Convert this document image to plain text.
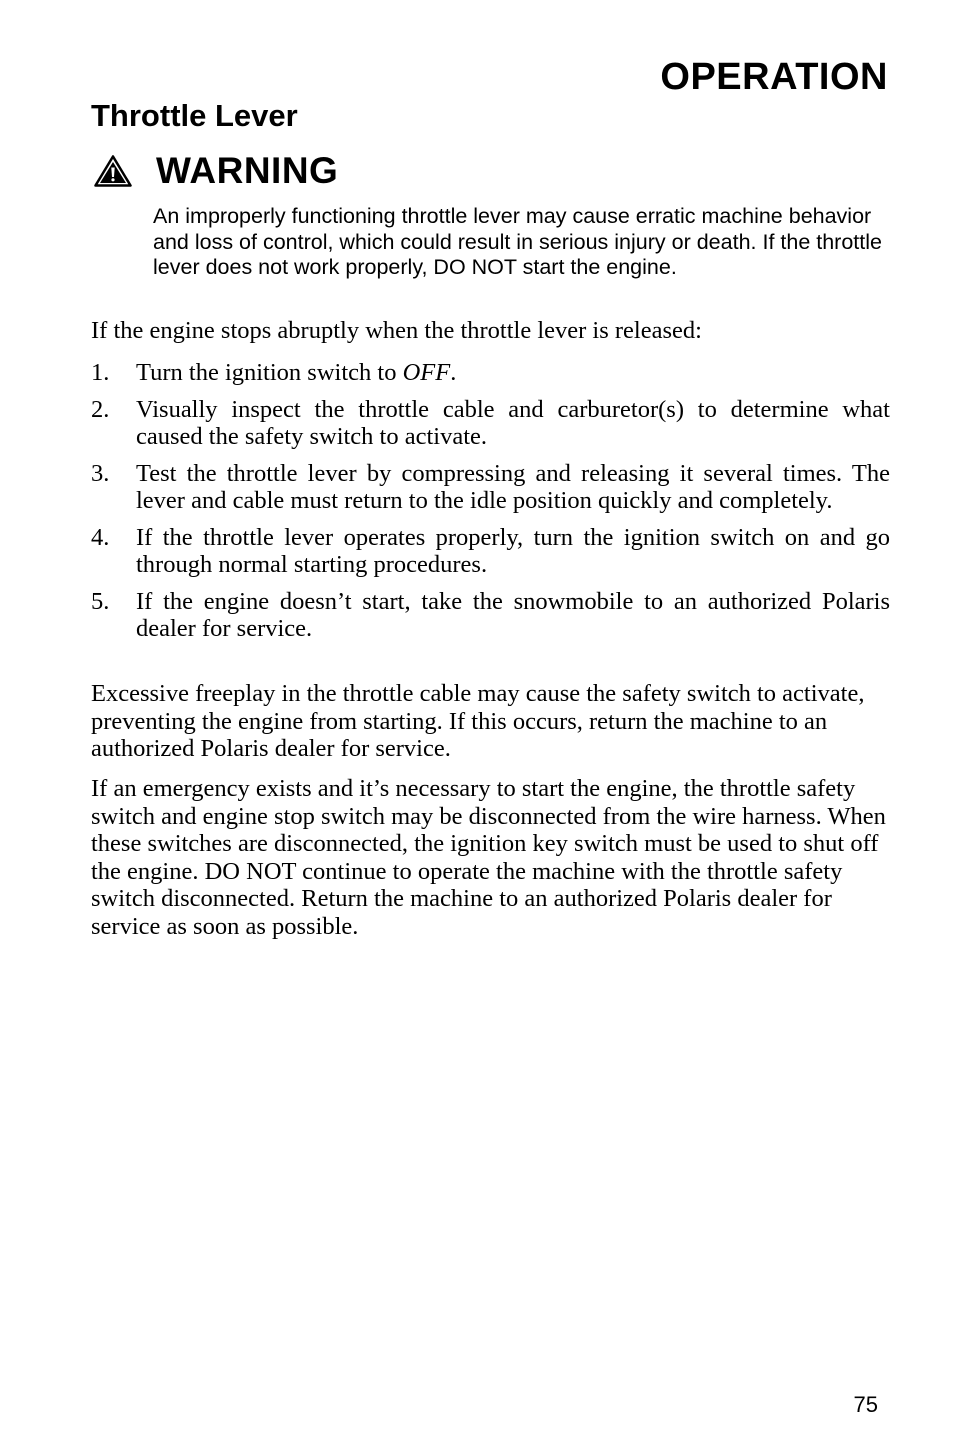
OPERATION
Throttle Lever
WARNING

An improperly functioning throttle lever may cause erratic machine behavior and loss of control, which could result in serious injury or death. If the throttle lever does not work properly, DO NOT start the engine.

If the engine stops abruptly when the throttle lever is released:

1.	Turn the ignition switch to OFF.
2.	Visually inspect the throttle cable and carburetor(s) to determine what caused the safety switch to activate.
3.	Test the throttle lever by compressing and releasing it several times. The lever and cable must return to the idle position quickly and completely.
4.	If the throttle lever operates properly, turn the ignition switch on and go through normal starting procedures.
5.	If the engine doesn’t start, take the snowmobile to an authorized Polaris dealer for service.

Excessive freeplay in the throttle cable may cause the safety switch to activate, preventing the engine from starting. If this occurs, return the machine to an authorized Polaris dealer for service.

If an emergency exists and it’s necessary to start the engine, the throttle safety switch and engine stop switch may be disconnected from the wire harness. When these switches are disconnected, the ignition key switch must be used to shut off the engine. DO NOT continue to operate the machine with the throttle safety switch disconnected. Return the machine to an authorized Polaris dealer for service as soon as possible.

75
